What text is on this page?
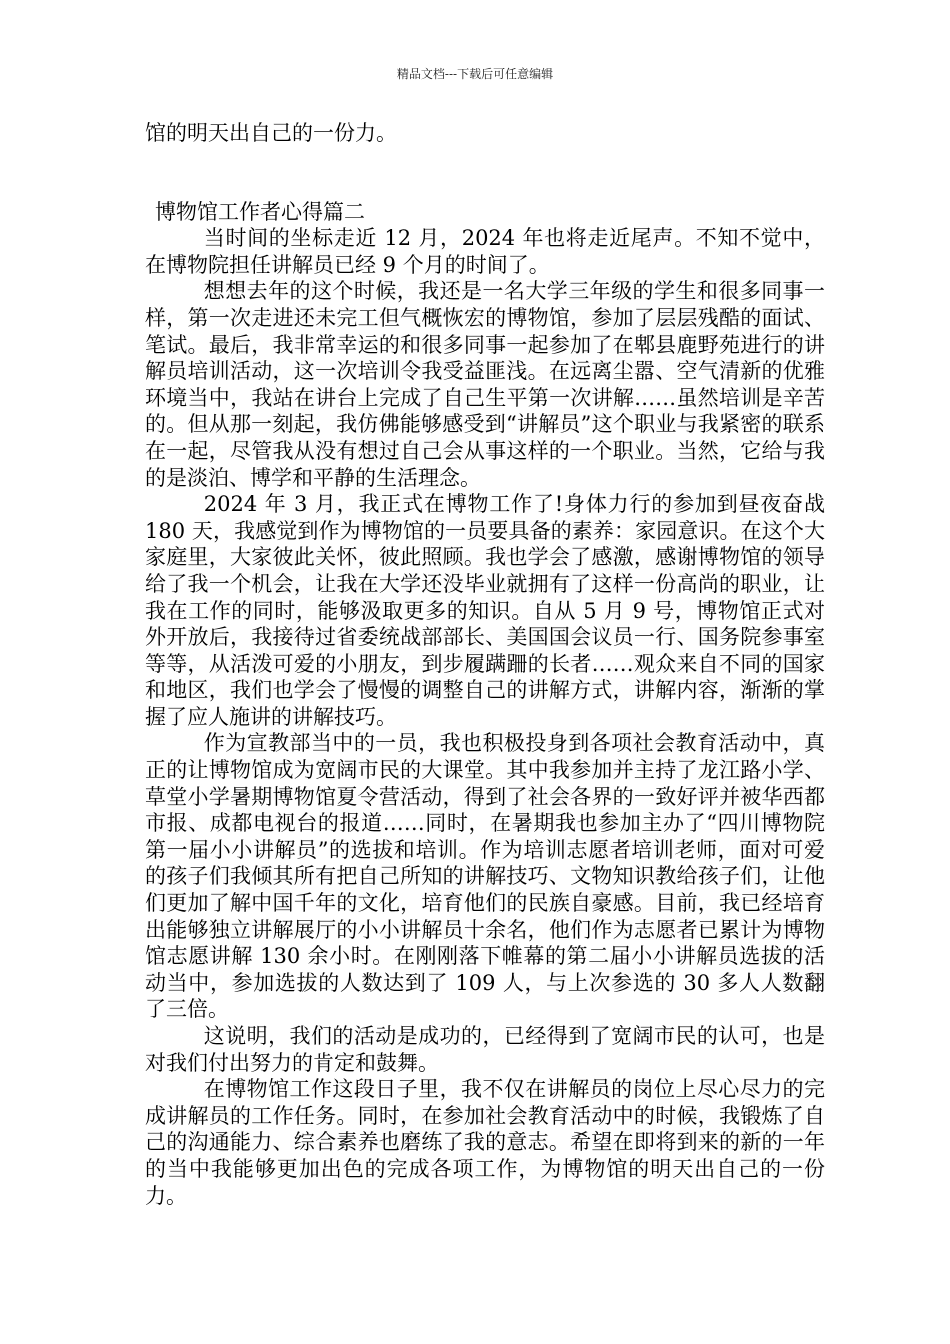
精品文档---下载后可任意编辑

馆的明天出自己的一份力。

博物馆工作者心得篇二

当时间的坐标走近 12 月，2024 年也将走近尾声。不知不觉中，在博物院担任讲解员已经 9 个月的时间了。

想想去年的这个时候，我还是一名大学三年级的学生和很多同事一样，第一次走进还未完工但气概恢宏的博物馆，参加了层层残酷的面试、笔试。最后，我非常幸运的和很多同事一起参加了在郫县鹿野苑进行的讲解员培训活动，这一次培训令我受益匪浅。在远离尘嚣、空气清新的优雅环境当中，我站在讲台上完成了自己生平第一次讲解……虽然培训是辛苦的。但从那一刻起，我仿佛能够感受到“讲解员”这个职业与我紧密的联系在一起，尽管我从没有想过自己会从事这样的一个职业。当然，它给与我的是淡泊、博学和平静的生活理念。

2024 年 3 月，我正式在博物工作了!身体力行的参加到昼夜奋战 180 天，我感觉到作为博物馆的一员要具备的素养：家园意识。在这个大家庭里，大家彼此关怀，彼此照顾。我也学会了感激，感谢博物馆的领导给了我一个机会，让我在大学还没毕业就拥有了这样一份高尚的职业，让我在工作的同时，能够汲取更多的知识。自从 5 月 9 号，博物馆正式对外开放后，我接待过省委统战部部长、美国国会议员一行、国务院参事室等等，从活泼可爱的小朋友，到步履蹒跚的长者……观众来自不同的国家和地区，我们也学会了慢慢的调整自己的讲解方式，讲解内容，渐渐的掌握了应人施讲的讲解技巧。

作为宣教部当中的一员，我也积极投身到各项社会教育活动中，真正的让博物馆成为宽阔市民的大课堂。其中我参加并主持了龙江路小学、草堂小学暑期博物馆夏令营活动，得到了社会各界的一致好评并被华西都市报、成都电视台的报道……同时，在暑期我也参加主办了“四川博物院第一届小小讲解员”的选拔和培训。作为培训志愿者培训老师，面对可爱的孩子们我倾其所有把自己所知的讲解技巧、文物知识教给孩子们，让他们更加了解中国千年的文化，培育他们的民族自豪感。目前，我已经培育出能够独立讲解展厅的小小讲解员十余名，他们作为志愿者已累计为博物馆志愿讲解 130 余小时。在刚刚落下帷幕的第二届小小讲解员选拔的活动当中，参加选拔的人数达到了 109 人，与上次参选的 30 多人人数翻了三倍。

这说明，我们的活动是成功的，已经得到了宽阔市民的认可，也是对我们付出努力的肯定和鼓舞。

在博物馆工作这段日子里，我不仅在讲解员的岗位上尽心尽力的完成讲解员的工作任务。同时，在参加社会教育活动中的时候，我锻炼了自己的沟通能力、综合素养也磨练了我的意志。希望在即将到来的新的一年的当中我能够更加出色的完成各项工作，为博物馆的明天出自己的一份力。
